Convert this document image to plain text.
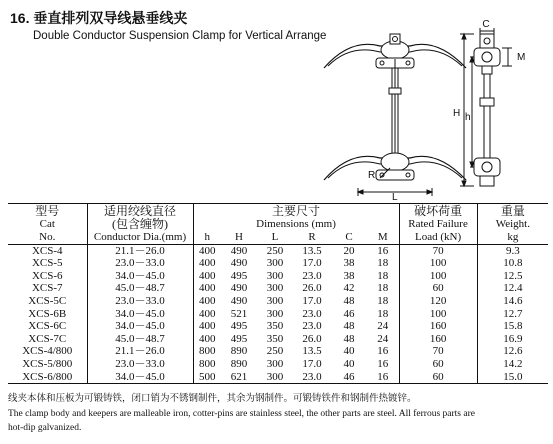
16. 垂直排列双导线悬垂线夹
Double Conductor Suspension Clamp for Vertical Arrange
C
M
H h
R
L
型号	适用绞线直径	主要尺寸						破坏荷重	重量
Cat	(包含缠物)	Dimensions (mm)						Rated Failure	Weight.
No.	Conductor Dia.(mm)	h	H	L	R	C	M	Load (kN)	kg
XCS-4	21.1－26.0	400	490	250	13.5	20	16	70	9.3
XCS-5	23.0－33.0	400	490	300	17.0	38	18	100	10.8
XCS-6	34.0－45.0	400	495	300	23.0	38	18	100	12.5
XCS-7	45.0－48.7	400	490	300	26.0	42	18	60	12.4
XCS-5C	23.0－33.0	400	490	300	17.0	48	18	120	14.6
XCS-6B	34.0－45.0	400	521	300	23.0	46	18	100	12.7
XCS-6C	34.0－45.0	400	495	350	23.0	48	24	160	15.8
XCS-7C	45.0－48.7	400	495	350	26.0	48	24	160	16.9
XCS-4/800	21.1－26.0	800	890	250	13.5	40	16	70	12.6
XCS-5/800	23.0－33.0	800	890	300	17.0	40	16	60	14.2
XCS-6/800	34.0－45.0	500	621	300	23.0	46	16	60	15.0
线夹本体和压板为可锻铸铁，闭口销为不锈钢制件，其余为钢制件。可锻铸铁件和钢制件热镀锌。
The clamp body and keepers are malleable iron, cotter-pins are stainless steel, the other parts are steel. All ferrous parts are
hot-dip galvanized.
